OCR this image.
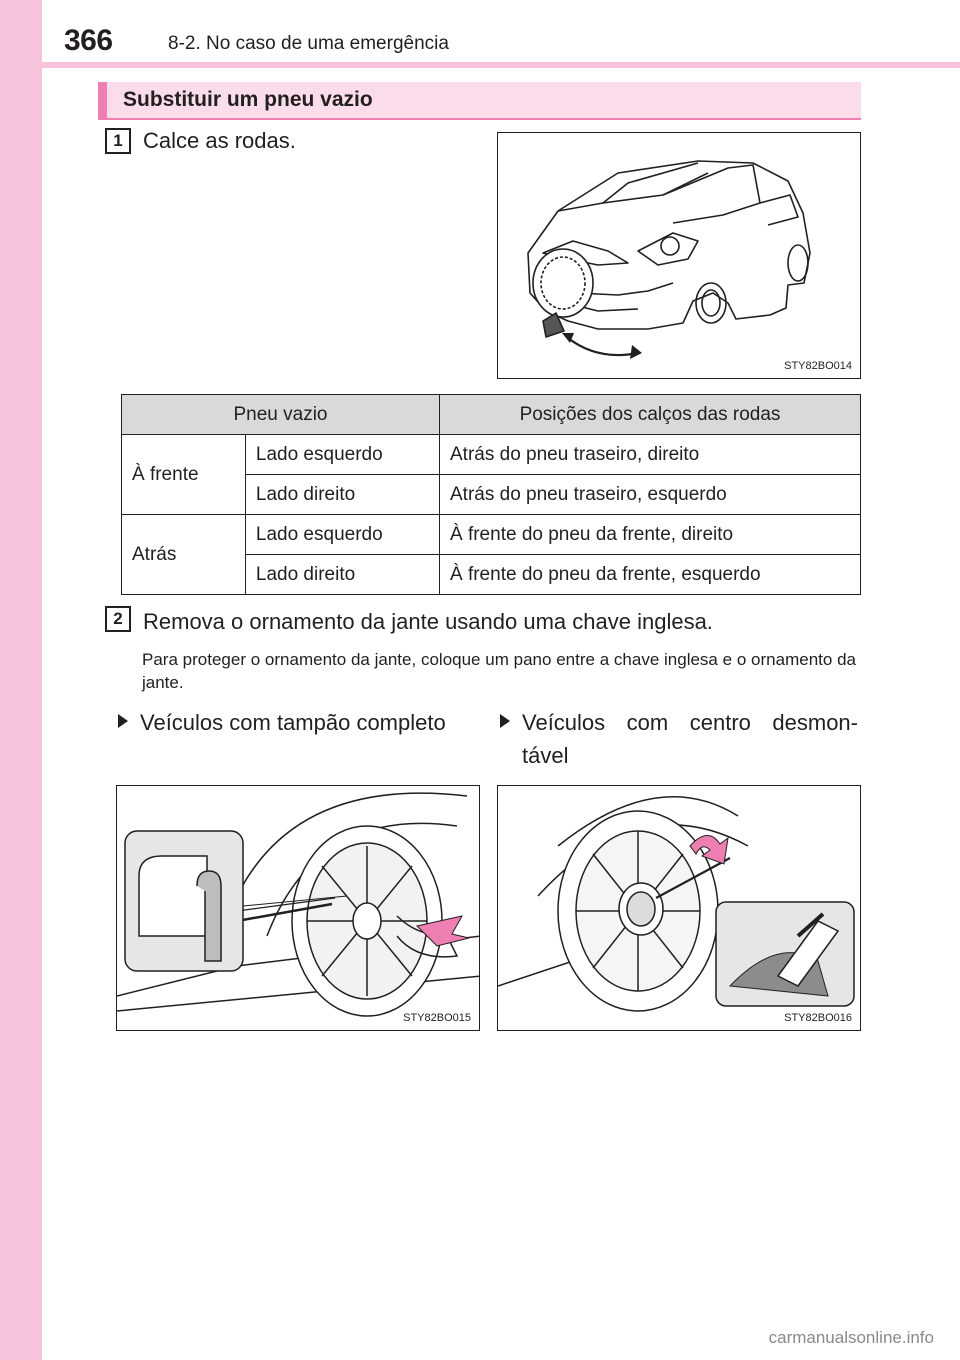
366	8-2. No caso de uma emergência
Substituir um pneu vazio
1 Calce as rodas.
STY82BO014
Pneu vazio		Posições dos calços das rodas
À frente	Lado esquerdo	Atrás do pneu traseiro, direito
	Lado direito	Atrás do pneu traseiro, esquerdo
Atrás	Lado esquerdo	À frente do pneu da frente, direito
	Lado direito	À frente do pneu da frente, esquerdo
2 Remova o ornamento da jante usando uma chave inglesa.
Para proteger o ornamento da jante, coloque um pano entre a chave inglesa e o ornamento da jante.
Veículos com tampão completo	Veículos com centro desmon-
tável
STY82BO015	STY82BO016
carmanualsonline.info
